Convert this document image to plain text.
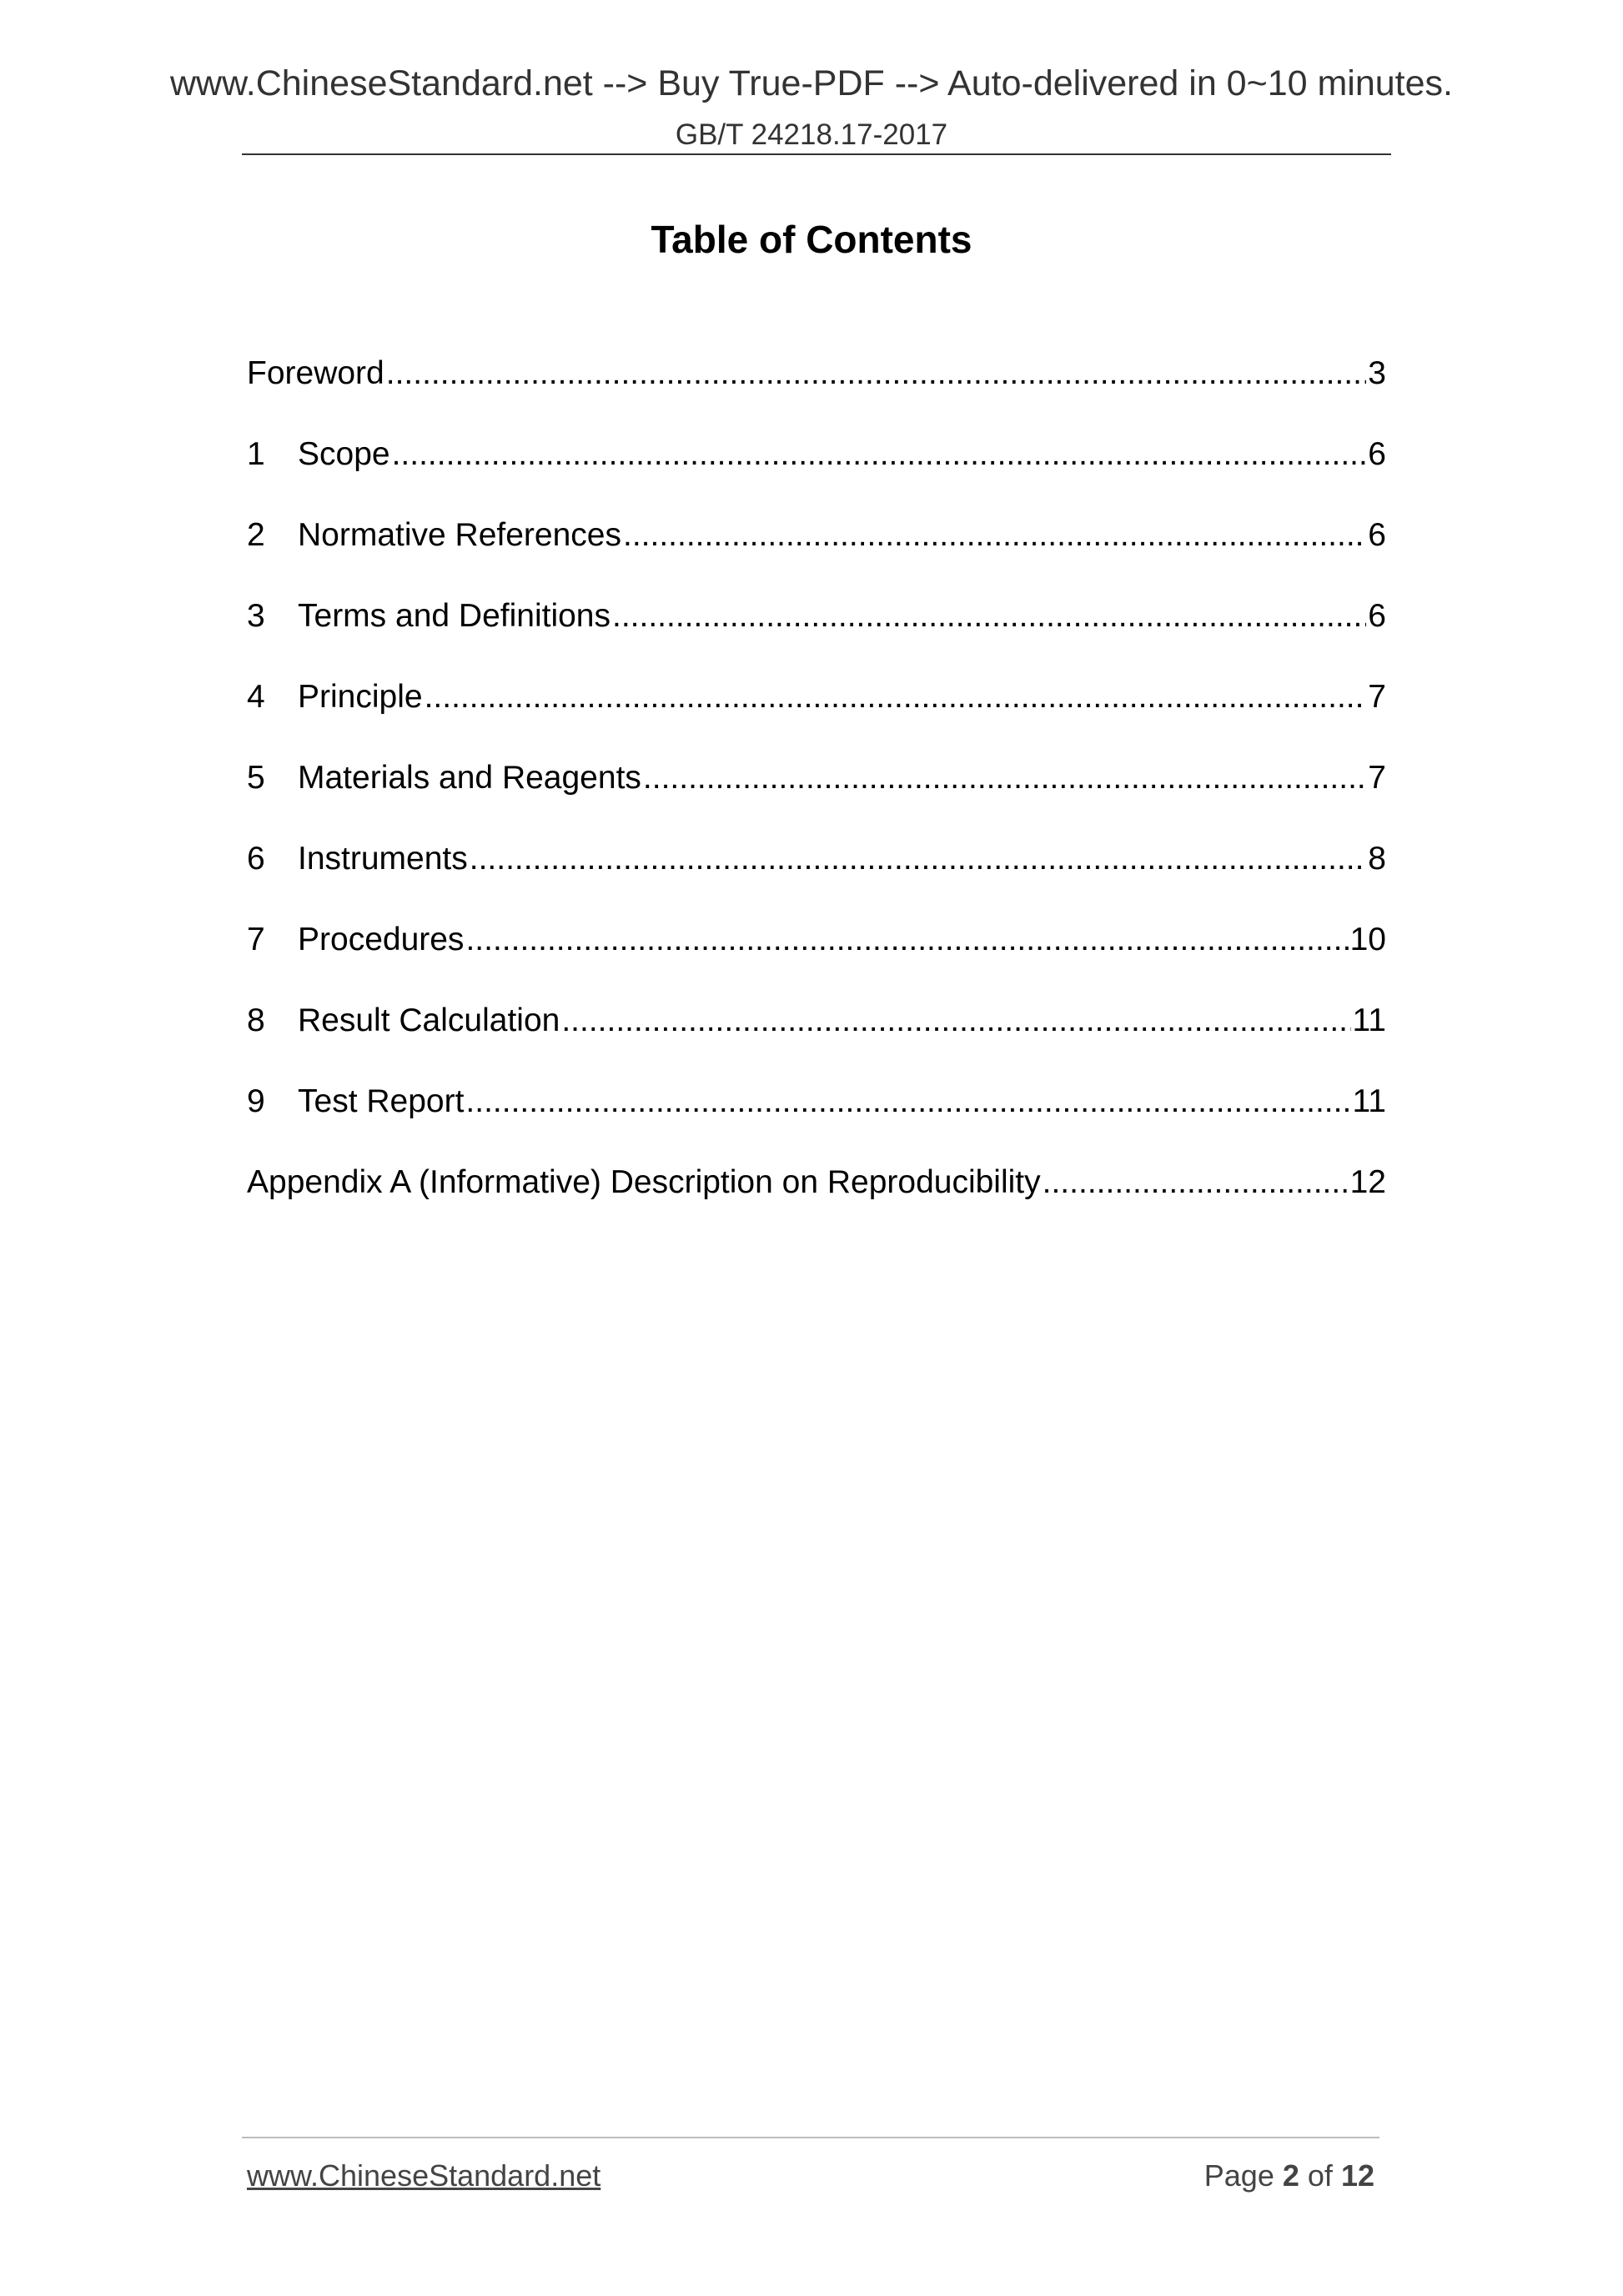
www.ChineseStandard.net --> Buy True-PDF --> Auto-delivered in 0~10 minutes.
GB/T 24218.17-2017
Table of Contents
Foreword .....	3
1	Scope .....	6
2	Normative References .....	6
3	Terms and Definitions .....	6
4	Principle .....	7
5	Materials and Reagents .....	7
6	Instruments .....	8
7	Procedures .....	10
8	Result Calculation .....	11
9	Test Report .....	11
Appendix A (Informative) Description on Reproducibility .....	12
www.ChineseStandard.net	Page 2 of 12
